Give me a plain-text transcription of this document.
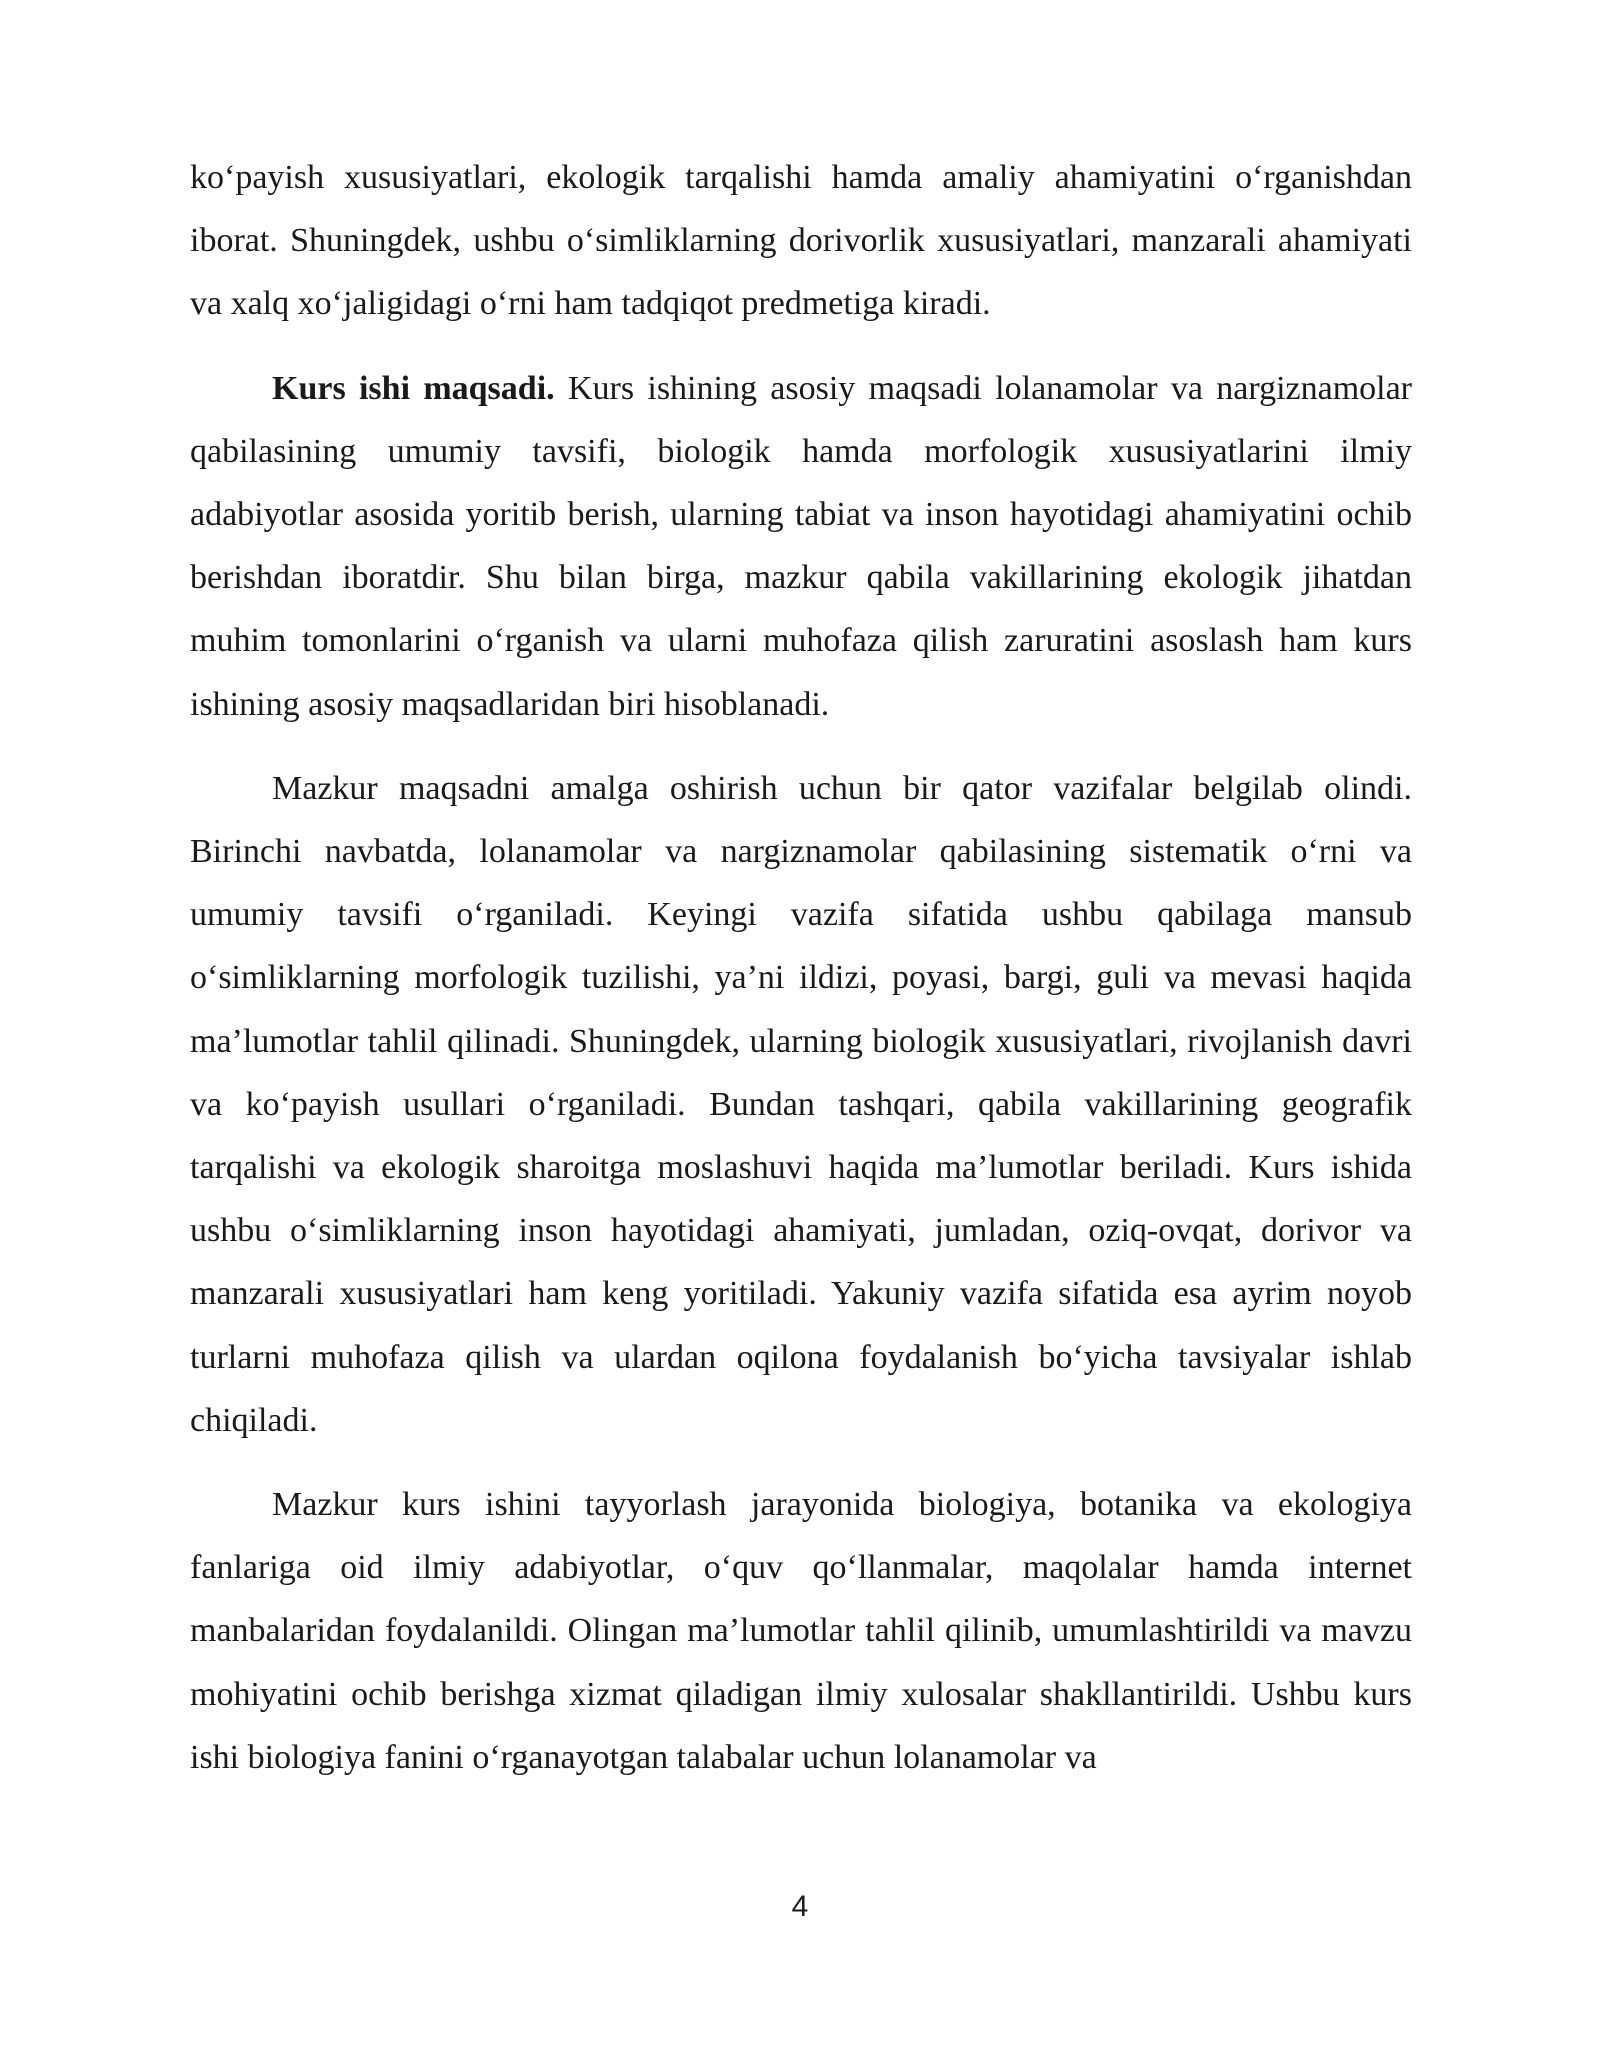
ko‘payish xususiyatlari, ekologik tarqalishi hamda amaliy ahamiyatini o‘rganishdan iborat. Shuningdek, ushbu o‘simliklarning dorivorlik xususiyatlari, manzarali ahamiyati va xalq xo‘jaligidagi o‘rni ham tadqiqot predmetiga kiradi.

Kurs ishi maqsadi. Kurs ishining asosiy maqsadi lolanamolar va nargiznamolar qabilasining umumiy tavsifi, biologik hamda morfologik xususiyatlarini ilmiy adabiyotlar asosida yoritib berish, ularning tabiat va inson hayotidagi ahamiyatini ochib berishdan iboratdir. Shu bilan birga, mazkur qabila vakillarining ekologik jihatdan muhim tomonlarini o‘rganish va ularni muhofaza qilish zaruratini asoslash ham kurs ishining asosiy maqsadlaridan biri hisoblanadi.

Mazkur maqsadni amalga oshirish uchun bir qator vazifalar belgilab olindi. Birinchi navbatda, lolanamolar va nargiznamolar qabilasining sistematik o‘rni va umumiy tavsifi o‘rganiladi. Keyingi vazifa sifatida ushbu qabilaga mansub o‘simliklarning morfologik tuzilishi, ya’ni ildizi, poyasi, bargi, guli va mevasi haqida ma’lumotlar tahlil qilinadi. Shuningdek, ularning biologik xususiyatlari, rivojlanish davri va ko‘payish usullari o‘rganiladi. Bundan tashqari, qabila vakillarining geografik tarqalishi va ekologik sharoitga moslashuvi haqida ma’lumotlar beriladi. Kurs ishida ushbu o‘simliklarning inson hayotidagi ahamiyati, jumladan, oziq-ovqat, dorivor va manzarali xususiyatlari ham keng yoritiladi. Yakuniy vazifa sifatida esa ayrim noyob turlarni muhofaza qilish va ulardan oqilona foydalanish bo‘yicha tavsiyalar ishlab chiqiladi.

Mazkur kurs ishini tayyorlash jarayonida biologiya, botanika va ekologiya fanlariga oid ilmiy adabiyotlar, o‘quv qo‘llanmalar, maqolalar hamda internet manbalaridan foydalanildi. Olingan ma’lumotlar tahlil qilinib, umumlashtirildi va mavzu mohiyatini ochib berishga xizmat qiladigan ilmiy xulosalar shakllantirildi. Ushbu kurs ishi biologiya fanini o‘rganayotgan talabalar uchun lolanamolar va

4
